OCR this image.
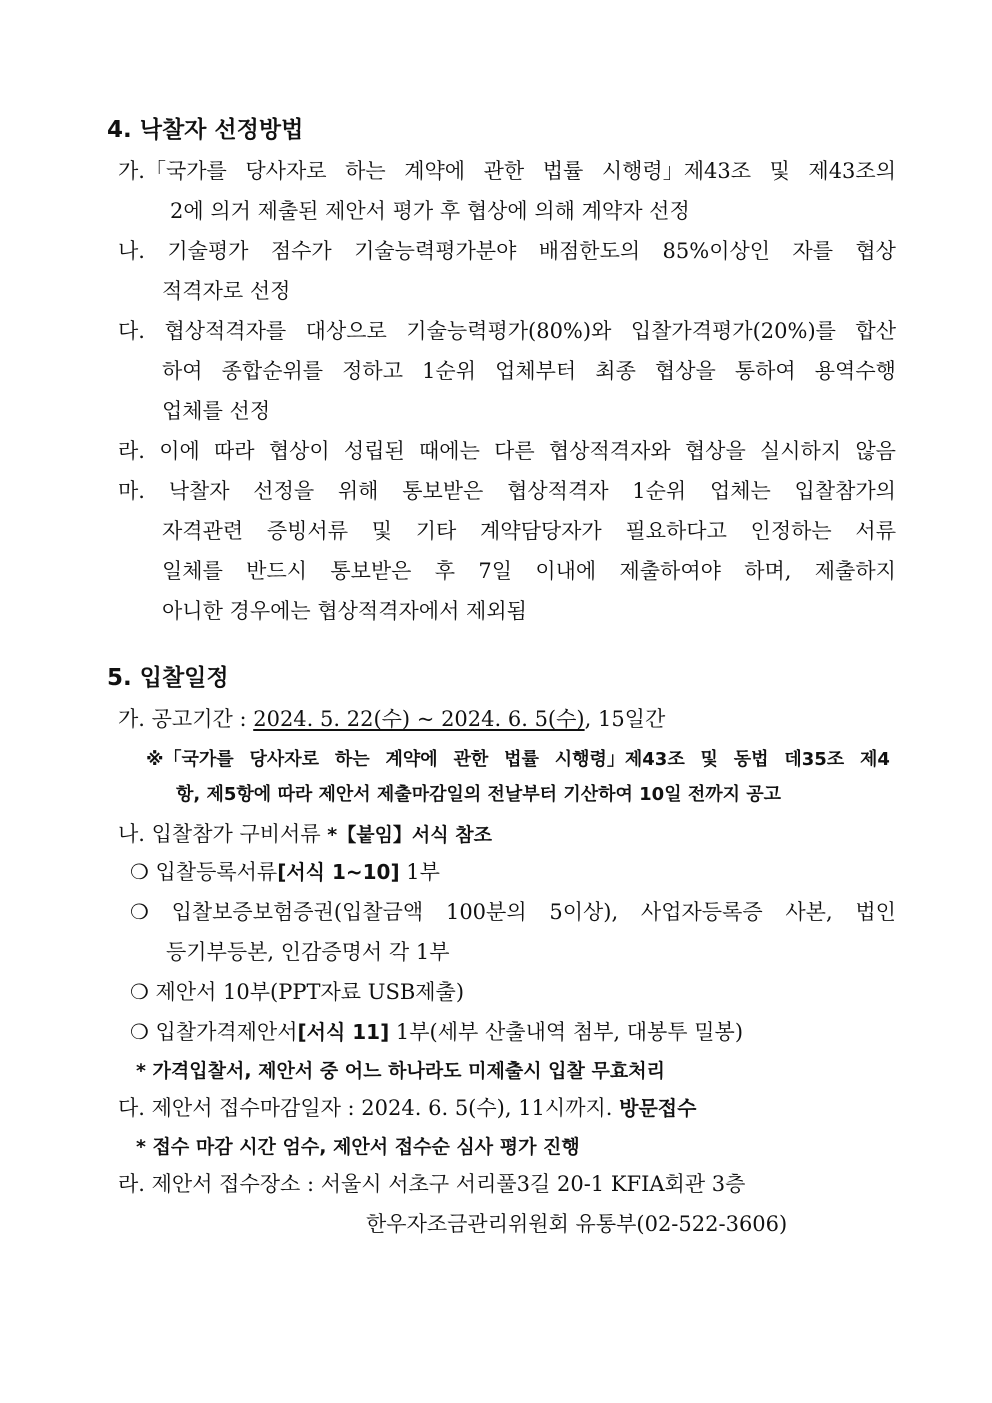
4. 낙찰자 선정방법
가.「국가를 당사자로 하는 계약에 관한 법률 시행령」제43조 및 제43조의
2에 의거 제출된 제안서 평가 후 협상에 의해 계약자 선정
나. 기술평가 점수가 기술능력평가분야 배점한도의 85%이상인 자를 협상
적격자로 선정
다. 협상적격자를 대상으로 기술능력평가(80%)와 입찰가격평가(20%)를 합산
하여 종합순위를 정하고 1순위 업체부터 최종 협상을 통하여 용역수행
업체를 선정
라. 이에 따라 협상이 성립된 때에는 다른 협상적격자와 협상을 실시하지 않음
마. 낙찰자 선정을 위해 통보받은 협상적격자 1순위 업체는 입찰참가의
자격관련 증빙서류 및 기타 계약담당자가 필요하다고 인정하는 서류
일체를 반드시 통보받은 후 7일 이내에 제출하여야 하며, 제출하지
아니한 경우에는 협상적격자에서 제외됨
5. 입찰일정
가. 공고기간 : 2024. 5. 22(수) ~ 2024. 6. 5(수), 15일간
※「국가를 당사자로 하는 계약에 관한 법률 시행령」제43조 및 동법 데35조 제4
항, 제5항에 따라 제안서 제출마감일의 전날부터 기산하여 10일 전까지 공고
나. 입찰참가 구비서류 *【붙임】서식 참조
❍ 입찰등록서류[서식 1~10] 1부
❍ 입찰보증보험증권(입찰금액 100분의 5이상), 사업자등록증 사본, 법인
등기부등본, 인감증명서 각 1부
❍ 제안서 10부(PPT자료 USB제출)
❍ 입찰가격제안서[서식 11] 1부(세부 산출내역 첨부, 대봉투 밀봉)
* 가격입찰서, 제안서 중 어느 하나라도 미제출시 입찰 무효처리
다. 제안서 접수마감일자 : 2024. 6. 5(수), 11시까지. 방문접수
* 접수 마감 시간 엄수, 제안서 접수순 심사 평가 진행
라. 제안서 접수장소 : 서울시 서초구 서리풀3길 20-1 KFIA회관 3층
한우자조금관리위원회 유통부(02-522-3606)
